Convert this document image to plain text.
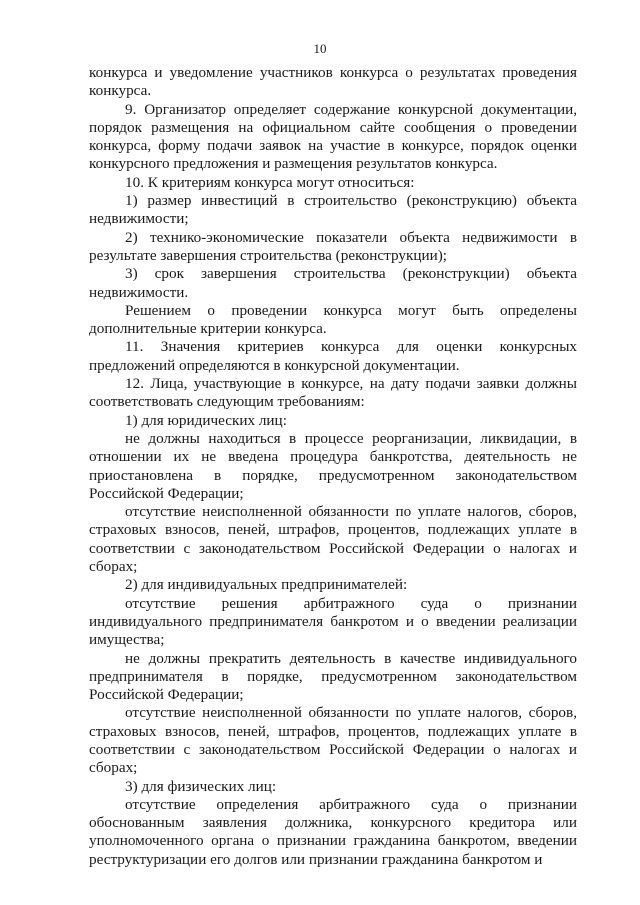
10

конкурса и уведомление участников конкурса о результатах проведения конкурса.

9. Организатор определяет содержание конкурсной документации, порядок размещения на официальном сайте сообщения о проведении конкурса, форму подачи заявок на участие в конкурсе, порядок оценки конкурсного предложения и размещения результатов конкурса.

10. К критериям конкурса могут относиться:

1) размер инвестиций в строительство (реконструкцию) объекта недвижимости;

2) технико-экономические показатели объекта недвижимости в результате завершения строительства (реконструкции);

3) срок завершения строительства (реконструкции) объекта недвижимости.

Решением о проведении конкурса могут быть определены дополнительные критерии конкурса.

11. Значения критериев конкурса для оценки конкурсных предложений определяются в конкурсной документации.

12. Лица, участвующие в конкурсе, на дату подачи заявки должны соответствовать следующим требованиям:

1) для юридических лиц:

не должны находиться в процессе реорганизации, ликвидации, в отношении их не введена процедура банкротства, деятельность не приостановлена в порядке, предусмотренном законодательством Российской Федерации;

отсутствие неисполненной обязанности по уплате налогов, сборов, страховых взносов, пеней, штрафов, процентов, подлежащих уплате в соответствии с законодательством Российской Федерации о налогах и сборах;

2) для индивидуальных предпринимателей:

отсутствие решения арбитражного суда о признании индивидуального предпринимателя банкротом и о введении реализации имущества;

не должны прекратить деятельность в качестве индивидуального предпринимателя в порядке, предусмотренном законодательством Российской Федерации;

отсутствие неисполненной обязанности по уплате налогов, сборов, страховых взносов, пеней, штрафов, процентов, подлежащих уплате в соответствии с законодательством Российской Федерации о налогах и сборах;

3) для физических лиц:

отсутствие определения арбитражного суда о признании обоснованным заявления должника, конкурсного кредитора или уполномоченного органа о признании гражданина банкротом, введении реструктуризации его долгов или признании гражданина банкротом и
